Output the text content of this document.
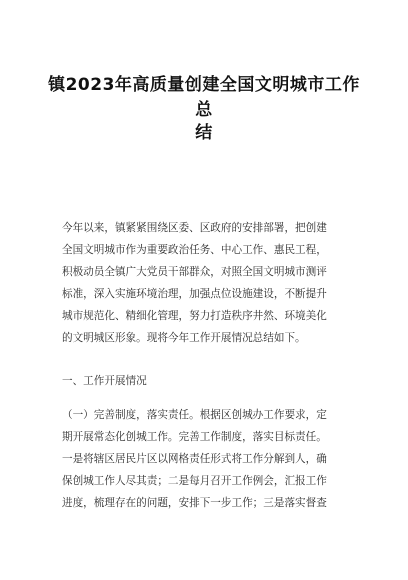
镇2023年高质量创建全国文明城市工作总
结

今年以来，镇紧紧围绕区委、区政府的安排部署，把创建
全国文明城市作为重要政治任务、中心工作、惠民工程，
积极动员全镇广大党员干部群众，对照全国文明城市测评
标准，深入实施环境治理，加强点位设施建设，不断提升
城市规范化、精细化管理，努力打造秩序井然、环境美化
的文明城区形象。现将今年工作开展情况总结如下。

一、工作开展情况

（一）完善制度，落实责任。根据区创城办工作要求，定
期开展常态化创城工作。完善工作制度，落实目标责任。
一是将辖区居民片区以网格责任形式将工作分解到人，确
保创城工作人尽其责；二是每月召开工作例会，汇报工作
进度，梳理存在的问题，安排下一步工作；三是落实督查
